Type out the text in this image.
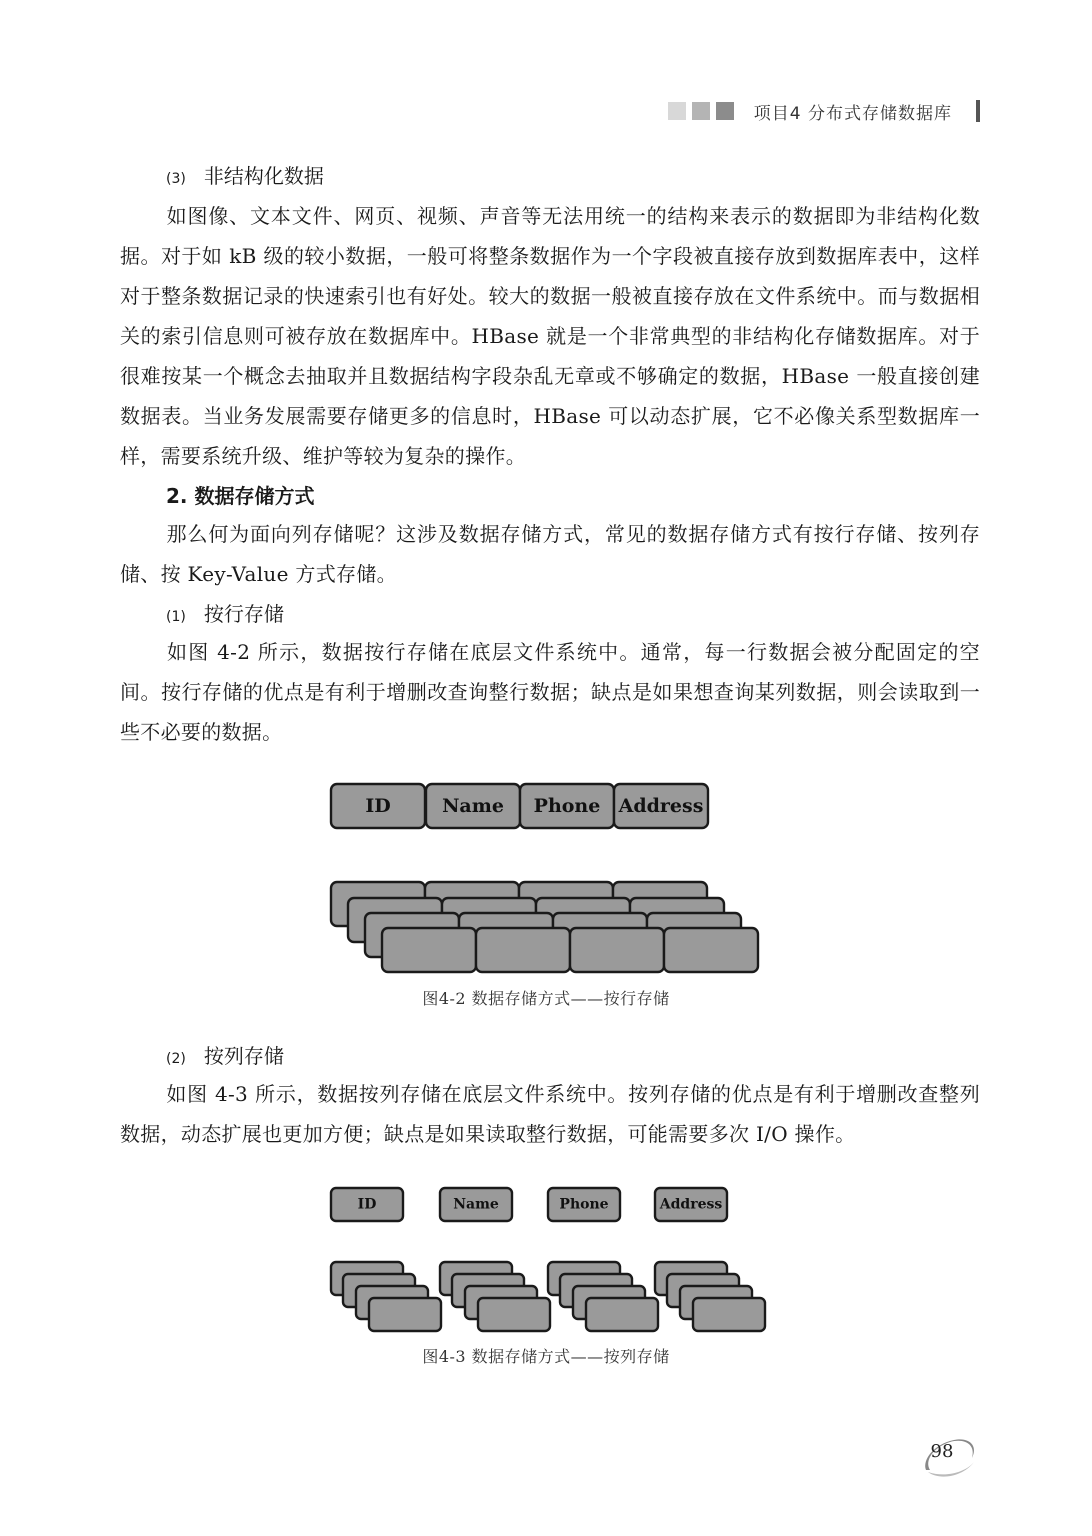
项目4 分布式存储数据库
(3) 非结构化数据
如图像、文本文件、网页、视频、声音等无法用统一的结构来表示的数据即为非结构化数据。对于如 kB 级的较小数据，一般可将整条数据作为一个字段被直接存放到数据库表中，这样对于整条数据记录的快速索引也有好处。较大的数据一般被直接存放在文件系统中。而与数据相关的索引信息则可被存放在数据库中。HBase 就是一个非常典型的非结构化存储数据库。对于很难按某一个概念去抽取并且数据结构字段杂乱无章或不够确定的数据，HBase 一般直接创建数据表。当业务发展需要存储更多的信息时，HBase 可以动态扩展，它不必像关系型数据库一样，需要系统升级、维护等较为复杂的操作。
2. 数据存储方式
那么何为面向列存储呢？这涉及数据存储方式，常见的数据存储方式有按行存储、按列存储、按 Key-Value 方式存储。
(1) 按行存储
如图 4-2 所示，数据按行存储在底层文件系统中。通常，每一行数据会被分配固定的空间。按行存储的优点是有利于增删改查询整行数据；缺点是如果想查询某列数据，则会读取到一些不必要的数据。
ID	Name Phone Address
ID	Name	Phone	Address
图4-2 数据存储方式——按行存储
(2) 按列存储
如图 4-3 所示，数据按列存储在底层文件系统中。按列存储的优点是有利于增删改查整列数据，动态扩展也更加方便；缺点是如果读取整行数据，可能需要多次 I/O 操作。
图4-3 数据存储方式——按列存储
98
